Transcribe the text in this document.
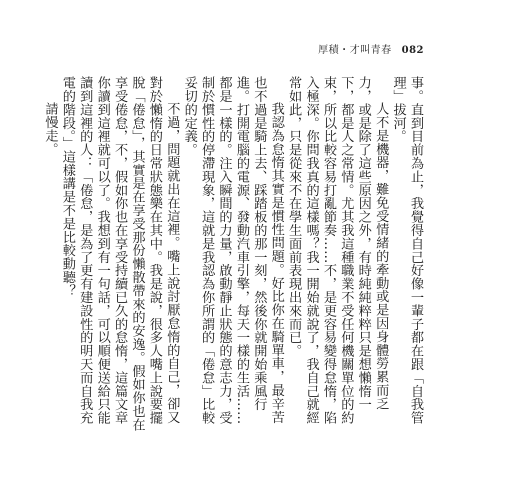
厚積・才叫青春 082

事。直到目前為止，我覺得自己好像一輩子都在跟「自我管理」拔河。

人不是機器，難免受情緒的牽動或是因身體勞累而乏力，或是除了這些原因之外，有時純純粹粹只是想懶惰一下，都是人之常情。尤其我這種職業不受任何機關單位的約束，所以比較容易打亂節奏……不，是更容易變得怠惰，陷入極深。你問我真的這樣嗎？我一開始就說了，我自己就經常如此，只是從來不在學生面前表現出來而已。

我認為怠惰其實是慣性問題。好比你在騎單車，最辛苦也不過是騎上去、踩踏板的那一刻，然後你就開始乘風行進。打開電腦的電源、發動汽車引擎，每天一樣的生活……都是一樣的。注入瞬間的力量，啟動靜止狀態的意志力，受制於慣性的停滯現象，這就是我認為你所謂的「倦怠」比較妥切的定義。

不過，問題就出在這裡。嘴上說討厭怠惰的自己，卻又對於懶惰的日常狀態樂在其中。我是說，很多人嘴上說要擺脫「倦怠」，其實是在享受那份懶散帶來的安逸。假如你也在享受倦怠，不，假如你也在享受持續已久的怠惰，這篇文章你讀到這裡就可以了。我想到有一句話，可以順便送給只能讀到這裡的人：「倦怠，是為了更有建設性的明天而自我充電的階段。」這樣講是不是比較動聽？

請慢走。
